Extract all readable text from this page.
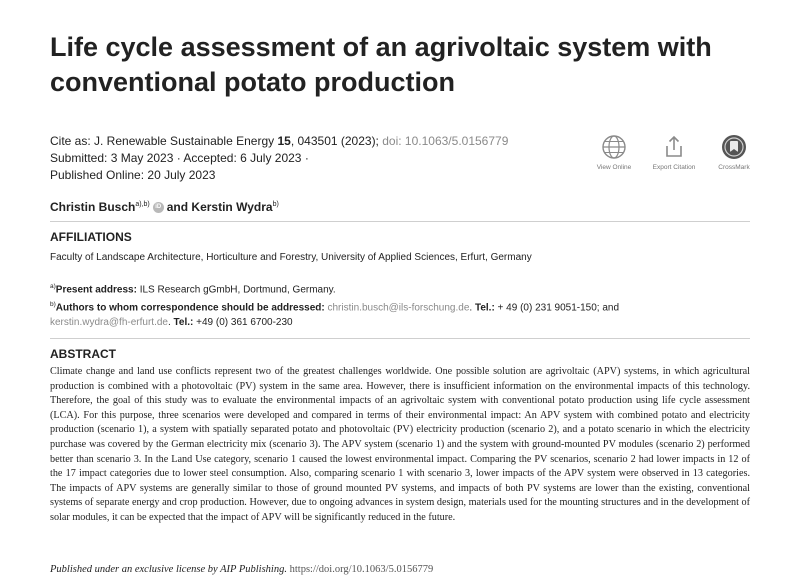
Life cycle assessment of an agrivoltaic system with conventional potato production
Cite as: J. Renewable Sustainable Energy 15, 043501 (2023); doi: 10.1063/5.0156779
Submitted: 3 May 2023 · Accepted: 6 July 2023 ·
Published Online: 20 July 2023
View Online	Export Citation	CrossMark
Christin Busch$^{a),b)}$ iD and Kerstin Wydra$^{b)}$
AFFILIATIONS
Faculty of Landscape Architecture, Horticulture and Forestry, University of Applied Sciences, Erfurt, Germany
$^{a)}$Present address: ILS Research gGmbH, Dortmund, Germany.
$^{b)}$Authors to whom correspondence should be addressed: christin.busch@ils-forschung.de. Tel.: + 49 (0) 231 9051-150; and
kerstin.wydra@fh-erfurt.de. Tel.: +49 (0) 361 6700-230
ABSTRACT

Climate change and land use conflicts represent two of the greatest challenges worldwide. One possible solution are agrivoltaic (APV) systems, in which agricultural production is combined with a photovoltaic (PV) system in the same area. However, there is insufficient information on the environmental impacts of this technology. Therefore, the goal of this study was to evaluate the environmental impacts of an agrivoltaic system with conventional potato production using life cycle assessment (LCA). For this purpose, three scenarios were developed and compared in terms of their environmental impact: An APV system with combined potato and electricity production (scenario 1), a system with spatially separated potato and photovoltaic (PV) electricity production (scenario 2), and a potato scenario in which the electricity purchase was covered by the German electricity mix (scenario 3). The APV system (scenario 1) and the system with ground-mounted PV modules (scenario 2) performed better than scenario 3. In the Land Use category, scenario 1 caused the lowest environmental impact. Comparing the PV scenarios, scenario 2 had lower impacts in 12 of the 17 impact categories due to lower steel consumption. Also, comparing scenario 1 with scenario 3, lower impacts of the APV system were observed in 13 categories. The impacts of APV systems are generally similar to those of ground mounted PV systems, and impacts of both PV systems are lower than the existing, conventional systems of separate energy and crop production. However, due to ongoing advances in system design, materials used for the mounting structures and in the development of solar modules, it can be expected that the impact of APV will be significantly reduced in the future.

Published under an exclusive license by AIP Publishing. https://doi.org/10.1063/5.0156779
